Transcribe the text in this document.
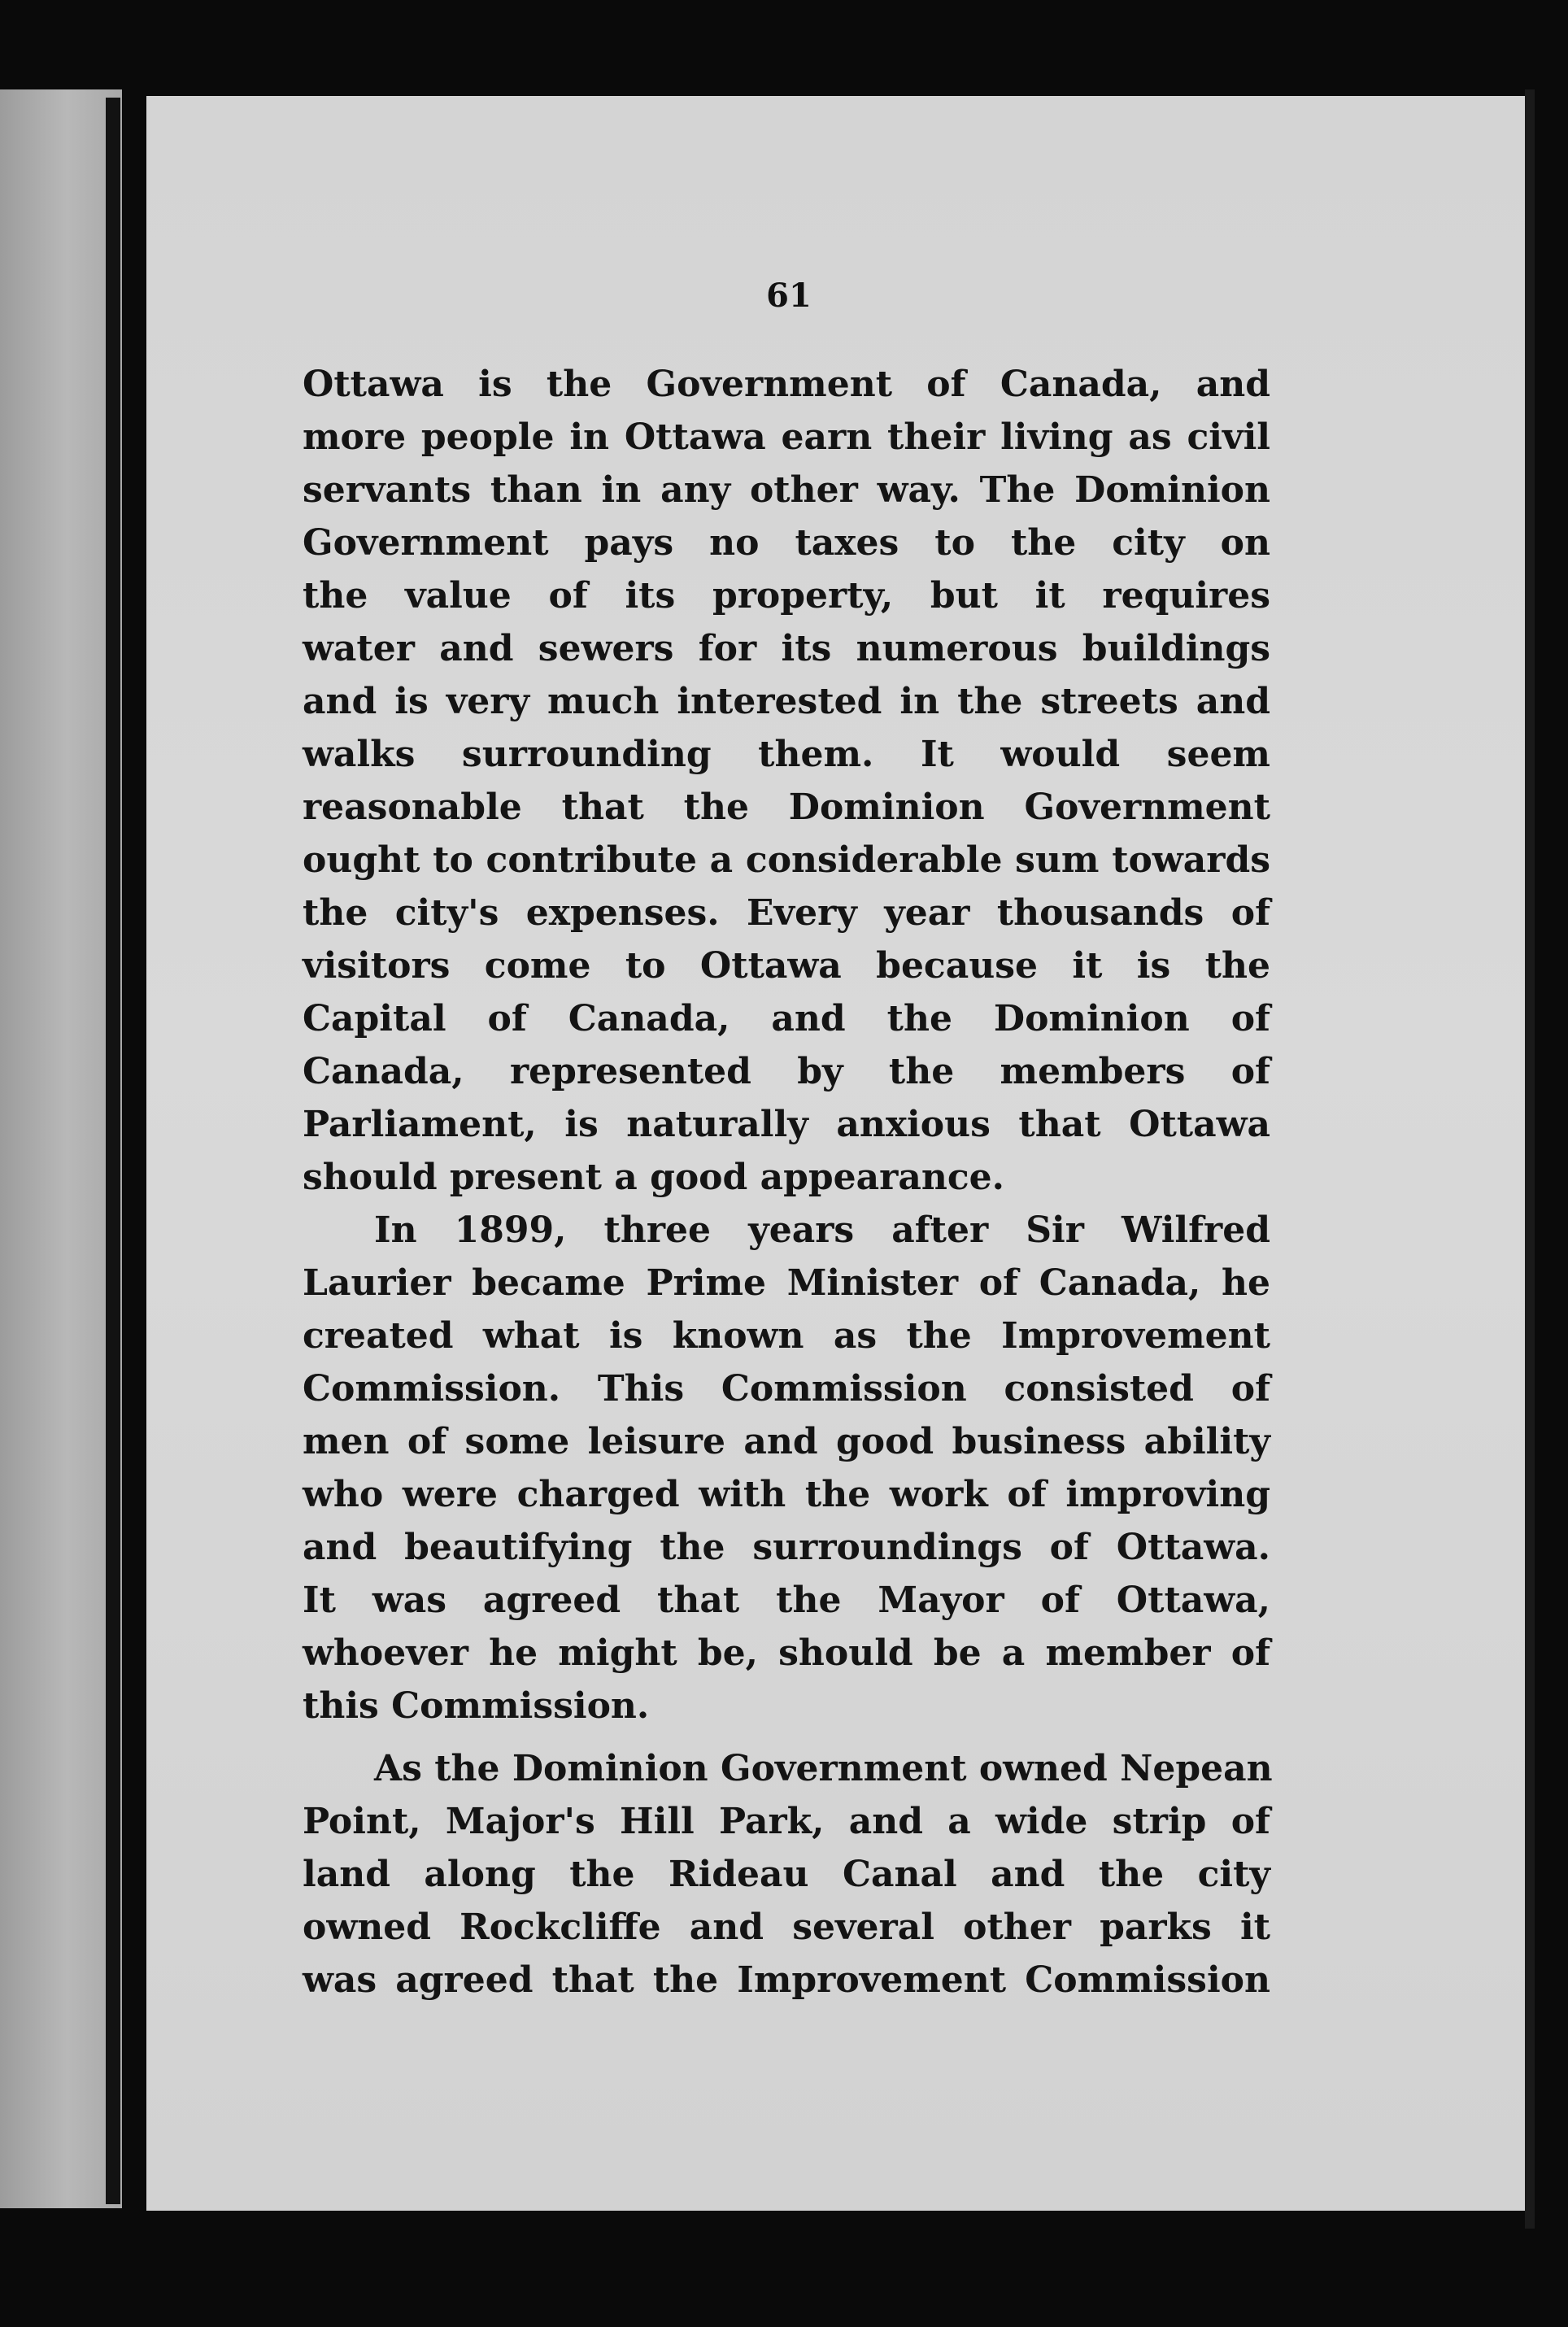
61
Ottawa is the Government of Canada, and
more people in Ottawa earn their living as civil
servants than in any other way. The Dominion
Government pays no taxes to the city on
the value of its property, but it requires
water and sewers for its numerous buildings
and is very much interested in the streets and
walks surrounding them. It would seem
reasonable that the Dominion Government
ought to contribute a considerable sum towards
the city's expenses. Every year thousands of
visitors come to Ottawa because it is the
Capital of Canada, and the Dominion of
Canada, represented by the members of
Parliament, is naturally anxious that Ottawa
should present a good appearance.
In 1899, three years after Sir Wilfred
Laurier became Prime Minister of Canada, he
created what is known as the Improvement
Commission. This Commission consisted of
men of some leisure and good business ability
who were charged with the work of improving
and beautifying the surroundings of Ottawa.
It was agreed that the Mayor of Ottawa,
whoever he might be, should be a member of
this Commission.
As the Dominion Government owned Nepean
Point, Major's Hill Park, and a wide strip of
land along the Rideau Canal and the city
owned Rockcliffe and several other parks it
was agreed that the Improvement Commission
